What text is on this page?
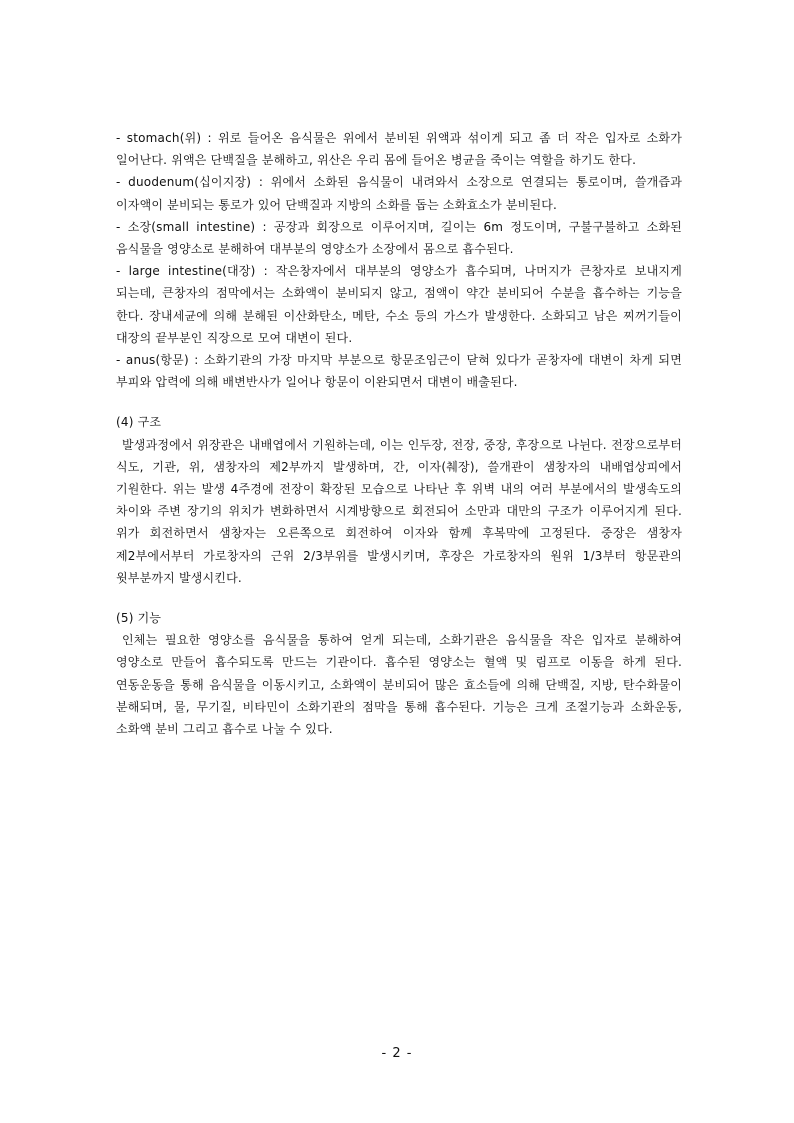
- stomach(위) : 위로 들어온 음식물은 위에서 분비된 위액과 섞이게 되고 좀 더 작은 입자로 소화가 일어난다. 위액은 단백질을 분해하고, 위산은 우리 몸에 들어온 병균을 죽이는 역할을 하기도 한다.

- duodenum(십이지장) : 위에서 소화된 음식물이 내려와서 소장으로 연결되는 통로이며, 쓸개즙과 이자액이 분비되는 통로가 있어 단백질과 지방의 소화를 돕는 소화효소가 분비된다.

- 소장(small intestine) : 공장과 회장으로 이루어지며, 길이는 6m 정도이며, 구불구불하고 소화된 음식물을 영양소로 분해하여 대부분의 영양소가 소장에서 몸으로 흡수된다.

- large intestine(대장) : 작은창자에서 대부분의 영양소가 흡수되며, 나머지가 큰창자로 보내지게 되는데, 큰창자의 점막에서는 소화액이 분비되지 않고, 점액이 약간 분비되어 수분을 흡수하는 기능을 한다. 장내세균에 의해 분해된 이산화탄소, 메탄, 수소 등의 가스가 발생한다. 소화되고 남은 찌꺼기들이 대장의 끝부분인 직장으로 모여 대변이 된다.

- anus(항문) : 소화기관의 가장 마지막 부분으로 항문조임근이 닫혀 있다가 곧창자에 대변이 차게 되면 부피와 압력에 의해 배변반사가 일어나 항문이 이완되면서 대변이 배출된다.

(4) 구조

발생과정에서 위장관은 내배엽에서 기원하는데, 이는 인두장, 전장, 중장, 후장으로 나뉜다. 전장으로부터 식도, 기관, 위, 샘창자의 제2부까지 발생하며, 간, 이자(췌장), 쓸개관이 샘창자의 내배엽상피에서 기원한다. 위는 발생 4주경에 전장이 확장된 모습으로 나타난 후 위벽 내의 여러 부분에서의 발생속도의 차이와 주변 장기의 위치가 변화하면서 시계방향으로 회전되어 소만과 대만의 구조가 이루어지게 된다. 위가 회전하면서 샘창자는 오른쪽으로 회전하여 이자와 함께 후복막에 고정된다. 중장은 샘창자 제2부에서부터 가로창자의 근위 2/3부위를 발생시키며, 후장은 가로창자의 원위 1/3부터 항문관의 윗부분까지 발생시킨다.

(5) 기능

인체는 필요한 영양소를 음식물을 통하여 얻게 되는데, 소화기관은 음식물을 작은 입자로 분해하여 영양소로 만들어 흡수되도록 만드는 기관이다. 흡수된 영양소는 혈액 및 림프로 이동을 하게 된다. 연동운동을 통해 음식물을 이동시키고, 소화액이 분비되어 많은 효소들에 의해 단백질, 지방, 탄수화물이 분해되며, 물, 무기질, 비타민이 소화기관의 점막을 통해 흡수된다. 기능은 크게 조절기능과 소화운동, 소화액 분비 그리고 흡수로 나눌 수 있다.

- 2 -
